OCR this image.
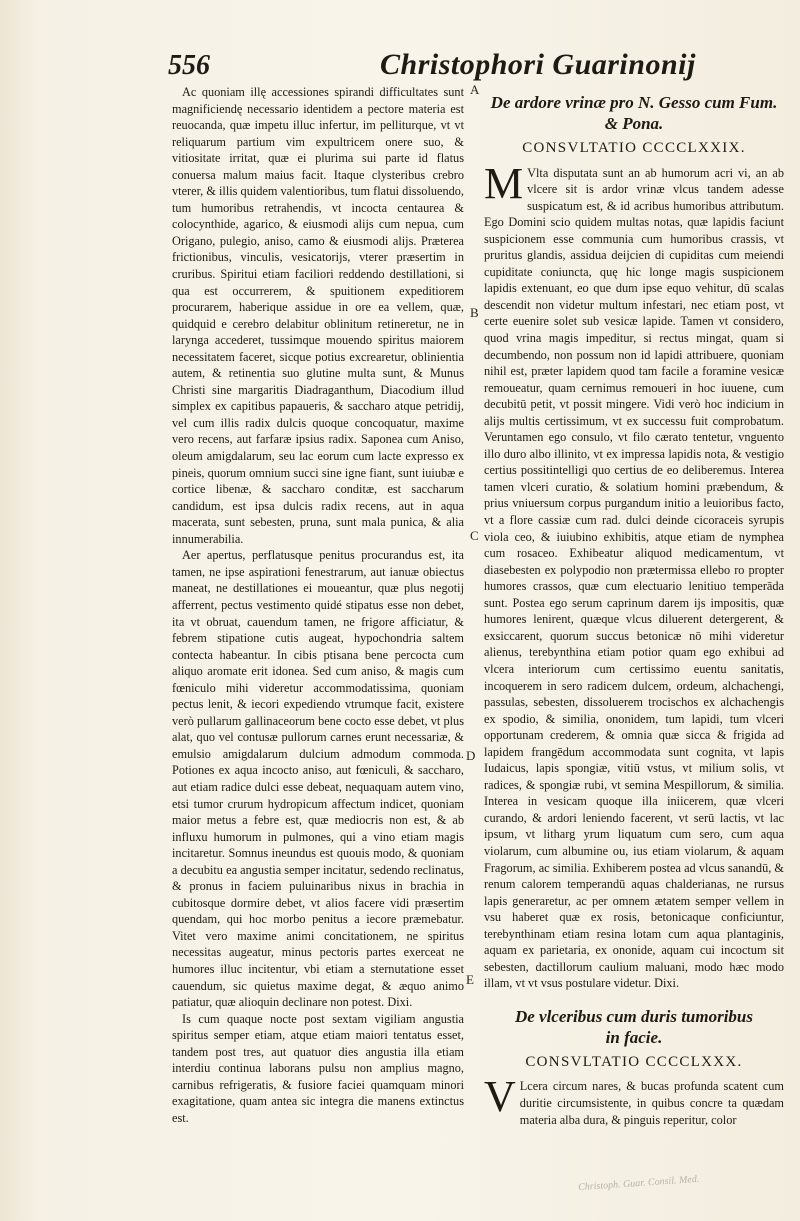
556	Christophori Guarinonij

Ac quoniam illę accessiones spirandi difficultates sunt magnificiendę necessario identidem a pectore materia est reuocanda, quæ impetu illuc infertur, im pelliturque, vt vt reliquarum partium vim expultricem onere suo, & vitiositate irritat, quæ ei plurima sui parte id flatus conuersa malum maius facit. Itaque clysteribus crebro vterer, & illis quidem valentioribus, tum flatui dissoluendo, tum humoribus retrahendis, vt incocta centaurea & colocynthide, agarico, & eiusmodi alijs cum nepua, cum Origano, pulegio, aniso, camo & eiusmodi alijs. Præterea frictionibus, vinculis, vesicatorijs, vterer præsertim in cruribus. Spiritui etiam faciliori reddendo destillationi, si qua est occurrerem, & spuitionem expeditiorem procurarem, haberique assidue in ore ea vellem, quæ, quidquid e cerebro delabitur oblinitum retineretur, ne in larynga accederet, tussimque mouendo spiritus maiorem necessitatem faceret, sicque potius excrearetur, oblinientia autem, & retinentia suo glutine multa sunt, & Munus Christi sine margaritis Diadraganthum, Diacodium illud simplex ex capitibus papaueris, & saccharo atque petridij, vel cum illis radix dulcis quoque concoquatur, maxime vero recens, aut farfaræ ipsius radix. Saponea cum Aniso, oleum amigdalarum, seu lac eorum cum lacte expresso ex pineis, quorum omnium succi sine igne fiant, sunt iuiubæ e cortice libenæ, & saccharo conditæ, est saccharum candidum, est ipsa dulcis radix recens, aut in aqua macerata, sunt sebesten, pruna, sunt mala punica, & alia innumerabilia.

Aer apertus, perflatusque penitus procurandus est, ita tamen, ne ipse aspirationi fenestrarum, aut ianuæ obiectus maneat, ne destillationes ei moueantur, quæ plus negotij afferrent, pectus vestimento quidé stipatus esse non debet, ita vt obruat, cauendum tamen, ne frigore afficiatur, & febrem stipatione cutis augeat, hypochondria saltem contecta habeantur. In cibis ptisana bene percocta cum aliquo aromate erit idonea. Sed cum aniso, & magis cum fœniculo mihi videretur accommodatissima, quoniam pectus lenit, & iecori expediendo vtrumque facit, existere verò pullarum gallinaceorum bene cocto esse debet, vt plus alat, quo vel contusæ pullorum carnes erunt necessariæ, & emulsio amigdalarum dulcium admodum commoda. Potiones ex aqua incocto aniso, aut fœniculi, & saccharo, aut etiam radice dulci esse debeat, nequaquam autem vino, etsi tumor crurum hydropicum affectum indicet, quoniam maior metus a febre est, quæ mediocris non est, & ab influxu humorum in pulmones, qui a vino etiam magis incitaretur. Somnus ineundus est quouis modo, & quoniam a decubitu ea angustia semper incitatur, sedendo reclinatus, & pronus in faciem puluinaribus nixus in brachia in cubitosque dormire debet, vt alios facere vidi præsertim quendam, qui hoc morbo penitus a iecore præmebatur. Vitet vero maxime animi concitationem, ne spiritus necessitas augeatur, minus pectoris partes exerceat ne humores illuc incitentur, vbi etiam a sternutatione esset cauendum, sic quietus maxime degat, & æquo animo patiatur, quæ alioquin declinare non potest. Dixi.

Is cum quaque nocte post sextam vigiliam angustia spiritus semper etiam, atque etiam maiori tentatus esset, tandem post tres, aut quatuor dies angustia illa etiam interdiu continua laborans pulsu non amplius magno, carnibus refrigeratis, & fusiore faciei quamquam minori exagitatione, quam antea sic integra die manens extinctus est.

A
B
C
D
E
De ardore vrinæ pro N. Gesso cum Fum.
& Pona.
CONSVLTATIO CCCCLXXIX.

M Vlta disputata sunt an ab humorum acri vi, an ab vlcere sit is ardor vrinæ vlcus tandem adesse suspicatum est, & id acribus humoribus attributum. Ego Domini scio quidem multas notas, quæ lapidis faciunt suspicionem esse communia cum humoribus crassis, vt pruritus glandis, assidua deijcien di cupiditas cum meiendi cupiditate coniuncta, quę hic longe magis suspicionem lapidis extenuant, eo que dum ipse equo vehitur, dū scalas descendit non videtur multum infestari, nec etiam post, vt certe euenire solet sub vesicæ lapide. Tamen vt considero, quod vrina magis impeditur, si rectus mingat, quam si decumbendo, non possum non id lapidi attribuere, quoniam nihil est, præter lapidem quod tam facile a foramine vesicæ remoueatur, quam cernimus remoueri in hoc iuuene, cum decubitū petit, vt possit mingere. Vidi verò hoc indicium in alijs multis certissimum, vt ex successu fuit comprobatum. Veruntamen ego consulo, vt filo cærato tentetur, vnguento illo duro albo illinito, vt ex impressa lapidis nota, & vestigio certius possitintelligi quo certius de eo deliberemus. Interea tamen vlceri curatio, & solatium homini præbendum, & prius vniuersum corpus purgandum initio a leuioribus facto, vt a flore cassiæ cum rad. dulci deinde cicoraceis syrupis viola ceo, & iuiubino exhibitis, atque etiam de nymphea cum rosaceo. Exhibeatur aliquod medicamentum, vt diasebesten ex polypodio non prætermissa ellebo ro propter humores crassos, quæ cum electuario lenitiuo temperāda sunt. Postea ego serum caprinum darem ijs impositis, quæ humores lenirent, quæque vlcus diluerent detergerent, & exsiccarent, quorum succus betonicæ nō mihi videretur alienus, terebynthina etiam potior quam ego exhibui ad vlcera interiorum cum certissimo euentu sanitatis, incoquerem in sero radicem dulcem, ordeum, alchachengi, passulas, sebesten, dissoluerem trocischos ex alchachengis ex spodio, & similia, ononidem, tum lapidi, tum vlceri opportunam crederem, & omnia quæ sicca & frigida ad lapidem frangēdum accommodata sunt cognita, vt lapis Iudaicus, lapis spongiæ, vitiū vstus, vt milium solis, vt radices, & spongiæ rubi, vt semina Mespillorum, & similia. Interea in vesicam quoque illa iniicerem, quæ vlceri curando, & ardori leniendo facerent, vt serū lactis, vt lac ipsum, vt litharg yrum liquatum cum sero, cum aqua violarum, cum albumine ou, ius etiam violarum, & aquam Fragorum, ac similia. Exhiberem postea ad vlcus sanandū, & renum calorem temperandū aquas chalderianas, ne rursus lapis generaretur, ac per omnem ætatem semper vellem in vsu haberet quæ ex rosis, betonicaque conficiuntur, terebynthinam etiam resina lotam cum aqua plantaginis, aquam ex parietaria, ex ononide, aquam cui incoctum sit sebesten, dactillorum caulium maluani, modo hæc modo illam, vt vt vsus postulare videtur. Dixi.

De vlceribus cum duris tumoribus
in facie.
CONSVLTATIO CCCCLXXX.

V Lcera circum nares, & bucas profunda scatent cum duritie circumsistente, in quibus concre ta quædam materia alba dura, & pinguis reperitur, color

Christoph. Guar. Consil. Med.
